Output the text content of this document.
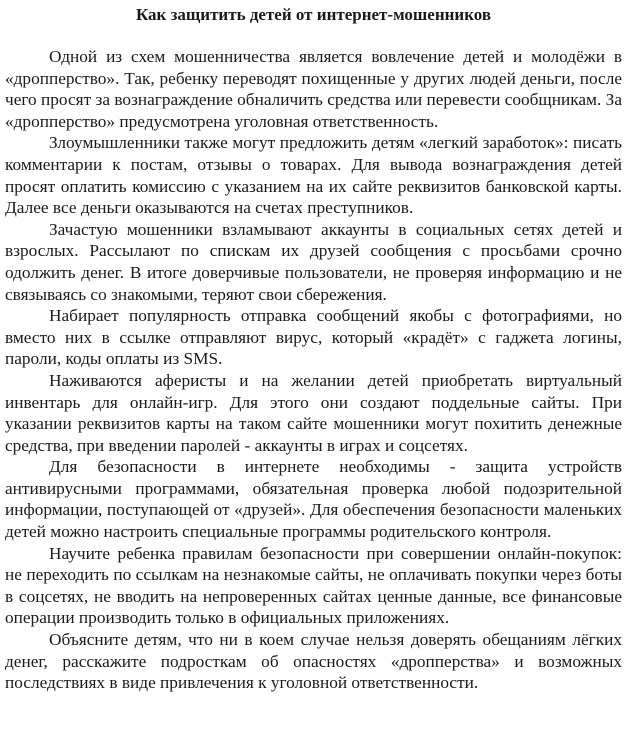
Как защитить детей от интернет-мошенников

Одной из схем мошенничества является вовлечение детей и молодёжи в «дропперство». Так, ребенку переводят похищенные у других людей деньги, после чего просят за вознаграждение обналичить средства или перевести сообщникам. За «дропперство» предусмотрена уголовная ответственность.

Злоумышленники также могут предложить детям «легкий заработок»: писать комментарии к постам, отзывы о товарах. Для вывода вознаграждения детей просят оплатить комиссию с указанием на их сайте реквизитов банковской карты. Далее все деньги оказываются на счетах преступников.

Зачастую мошенники взламывают аккаунты в социальных сетях детей и взрослых. Рассылают по спискам их друзей сообщения с просьбами срочно одолжить денег. В итоге доверчивые пользователи, не проверяя информацию и не связываясь со знакомыми, теряют свои сбережения.

Набирает популярность отправка сообщений якобы с фотографиями, но вместо них в ссылке отправляют вирус, который «крадёт» с гаджета логины, пароли, коды оплаты из SMS.

Наживаются аферисты и на желании детей приобретать виртуальный инвентарь для онлайн-игр. Для этого они создают поддельные сайты. При указании реквизитов карты на таком сайте мошенники могут похитить денежные средства, при введении паролей - аккаунты в играх и соцсетях.

Для безопасности в интернете необходимы - защита устройств антивирусными программами, обязательная проверка любой подозрительной информации, поступающей от «друзей». Для обеспечения безопасности маленьких детей можно настроить специальные программы родительского контроля.

Научите ребенка правилам безопасности при совершении онлайн-покупок: не переходить по ссылкам на незнакомые сайты, не оплачивать покупки через боты в соцсетях, не вводить на непроверенных сайтах ценные данные, все финансовые операции производить только в официальных приложениях.

Объясните детям, что ни в коем случае нельзя доверять обещаниям лёгких денег, расскажите подросткам об опасностях «дропперства» и возможных последствиях в виде привлечения к уголовной ответственности.
